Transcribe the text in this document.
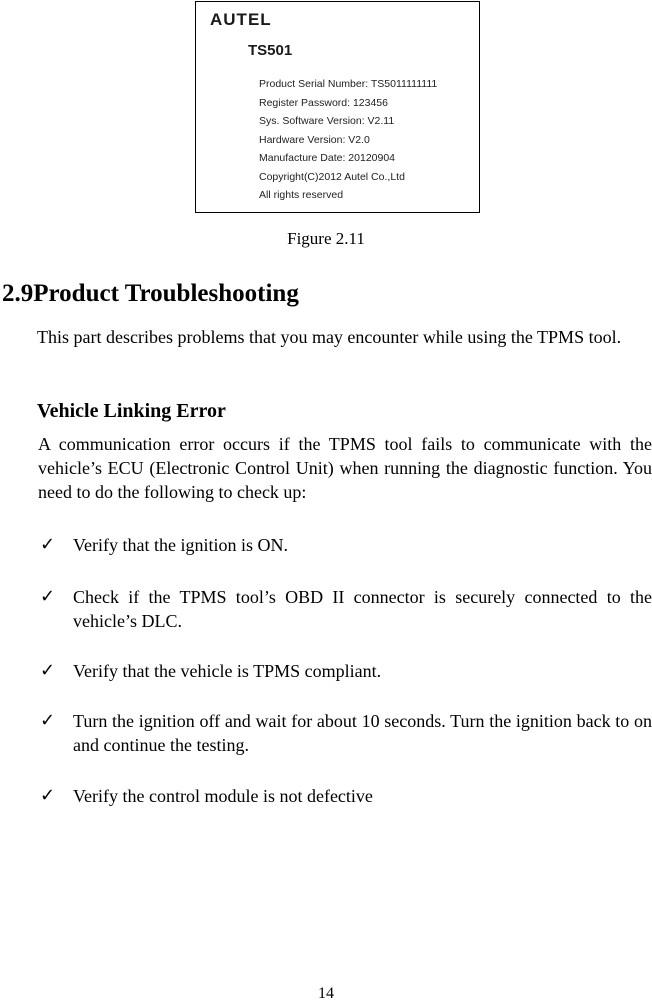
AUTEL
TS501
Product Serial Number: TS5011111111
Register Password: 123456
Sys. Software Version: V2.11
Hardware Version: V2.0
Manufacture Date: 20120904
Copyright(C)2012 Autel Co.,Ltd
All rights reserved
Figure 2.11
2.9Product Troubleshooting

This part describes problems that you may encounter while using the TPMS tool.

Vehicle Linking Error

A communication error occurs if the TPMS tool fails to communicate with the vehicle’s ECU (Electronic Control Unit) when running the diagnostic function. You need to do the following to check up:

✓ Verify that the ignition is ON.
✓ Check if the TPMS tool’s OBD II connector is securely connected to the vehicle’s DLC.
✓ Verify that the vehicle is TPMS compliant.
✓ Turn the ignition off and wait for about 10 seconds. Turn the ignition back to on and continue the testing.
✓ Verify the control module is not defective
14
